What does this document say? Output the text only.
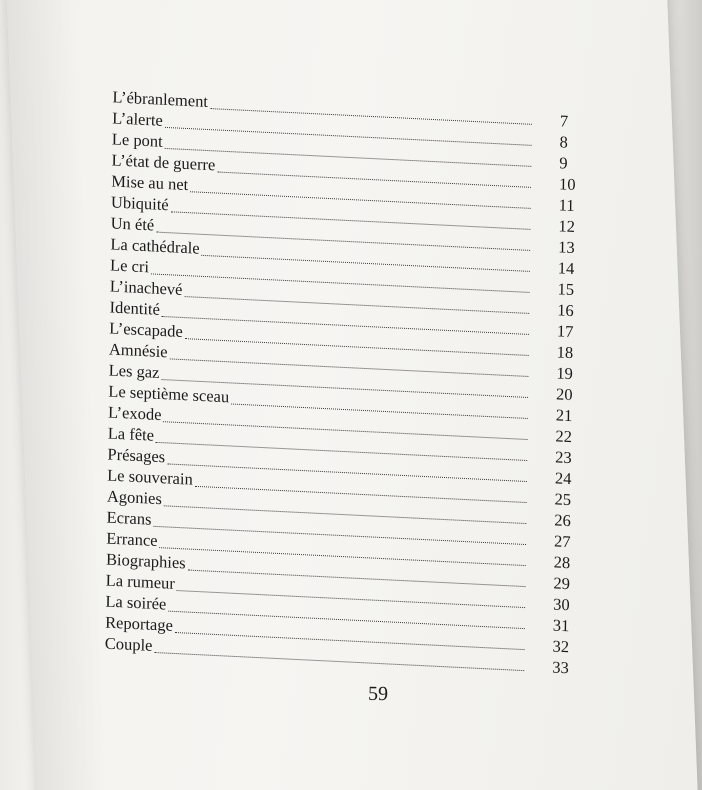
L’ébranlement
7
L’alerte
8
Le pont
9
L’état de guerre
10
Mise au net
11
Ubiquité
12
Un été
13
La cathédrale
14
Le cri
15
L’inachevé
16
Identité
17
L’escapade
18
Amnésie
19
Les gaz
20
Le septième sceau
21
L’exode
22
La fête
23
Présages
24
Le souverain
25
Agonies
26
Ecrans
27
Errance
28
Biographies
29
La rumeur
30
La soirée
31
Reportage
32
Couple
33
59
